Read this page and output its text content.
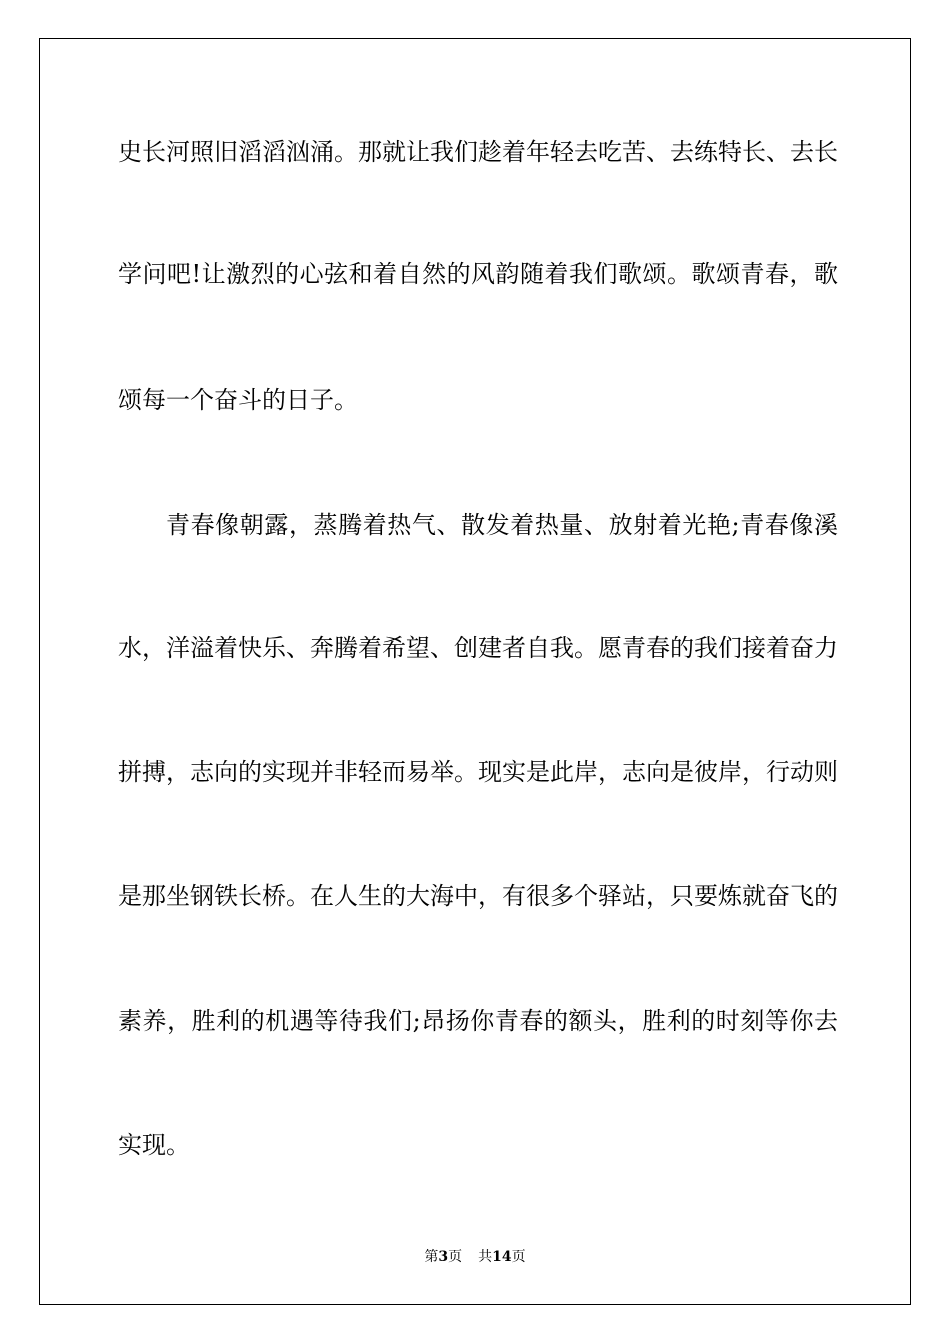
史长河照旧滔滔汹涌。那就让我们趁着年轻去吃苦、去练特长、去长
学问吧!让激烈的心弦和着自然的风韵随着我们歌颂。歌颂青春，歌
颂每一个奋斗的日子。
青春像朝露，蒸腾着热气、散发着热量、放射着光艳;青春像溪
水，洋溢着快乐、奔腾着希望、创建者自我。愿青春的我们接着奋力
拼搏，志向的实现并非轻而易举。现实是此岸，志向是彼岸，行动则
是那坐钢铁长桥。在人生的大海中，有很多个驿站，只要炼就奋飞的
素养，胜利的机遇等待我们;昂扬你青春的额头，胜利的时刻等你去
实现。
第3页 共14页
